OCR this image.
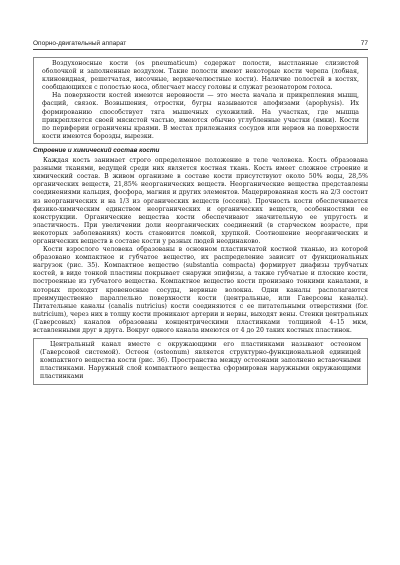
Опорно-двигательный аппарат	77

Воздухоносные кости (os pneumaticum) содержат полости, выстланные слизистой оболочкой и заполненные воздухом. Такие полости имеют некоторые кости черепа (лобная, клиновидная, решетчатая, височные, верхнечелюстные кости). Наличие полостей в костях, сообщающихся с полостью носа, облегчает массу головы и служат резонатором голоса.

На поверхности костей имеются неровности — это места начала и прикрепления мышц, фасций, связок. Возвышения, отростки, бугры называются апофизами (apophysis). Их формированию способствует тяга мышечных сухожилий. На участках, где мышца прикрепляется своей мясистой частью, имеются обычно углубленные участки (ямки). Кости по периферии ограничены краями. В местах прилежания сосудов или нервов на поверхности кости имеются борозды, вырезки.

Строение и химический состав кости

Каждая кость занимает строго определенное положение в теле человека. Кость образована разными тканями, ведущей среди них является костная ткань. Кость имеет сложное строение и химический состав. В живом организме в составе кости присутствуют около 50% воды, 28,5% органических веществ, 21,85% неорганических веществ. Неорганические вещества представлены соединениями кальция, фосфора, магния и других элементов. Мацерированная кость на 2/3 состоит из неорганических и на 1/3 из органических веществ (оссеин). Прочность кости обеспечивается физико-химическим единством неорганических и органических веществ, особенностями ее конструкции. Органические вещества кости обеспечивают значительную ее упругость и эластичность. При увеличении доли неорганических соединений (в старческом возрасте, при некоторых заболеваниях) кость становится ломкой, хрупкой. Соотношение неорганических и органических веществ в составе кости у разных людей неодинаково.

Кости взрослого человека образованы в основном пластинчатой костной тканью, из которой образовано компактное и губчатое вещество, их распределение зависит от функциональных нагрузок (рис. 35). Компактное вещество (substantia compacta) формирует диафизы трубчатых костей, в виде тонкой пластины покрывает снаружи эпифизы, а также губчатые и плоские кости, построенные из губчатого вещества. Компактное вещество кости пронизано тонкими каналами, в которых проходят кровеносные сосуды, нервные волокна. Одни каналы располагаются преимущественно параллельно поверхности кости (центральные, или Гаверсовы каналы). Питательные каналы (canalis nutricius) кости соединяются с ее питательными отверстиями (for. nutricium), через них в толщу кости проникают артерии и нервы, выходят вены. Стенки центральных (Гаверсовых) каналов образованы концентрическими пластинками толщиной 4–15 мкм, вставленными друг в друга. Вокруг одного канала имеются от 4 до 20 таких костных пластинок.

Центральный канал вместе с окружающими его пластинками называют остеоном (Гаверсовой системой). Остеон (osteonum) является структурно-функциональной единицей компактного вещества кости (рис. 36). Пространства между остеонами заполнено вставочными пластинками. Наружный слой компактного вещества сформирован наружными окружающими пластинками
